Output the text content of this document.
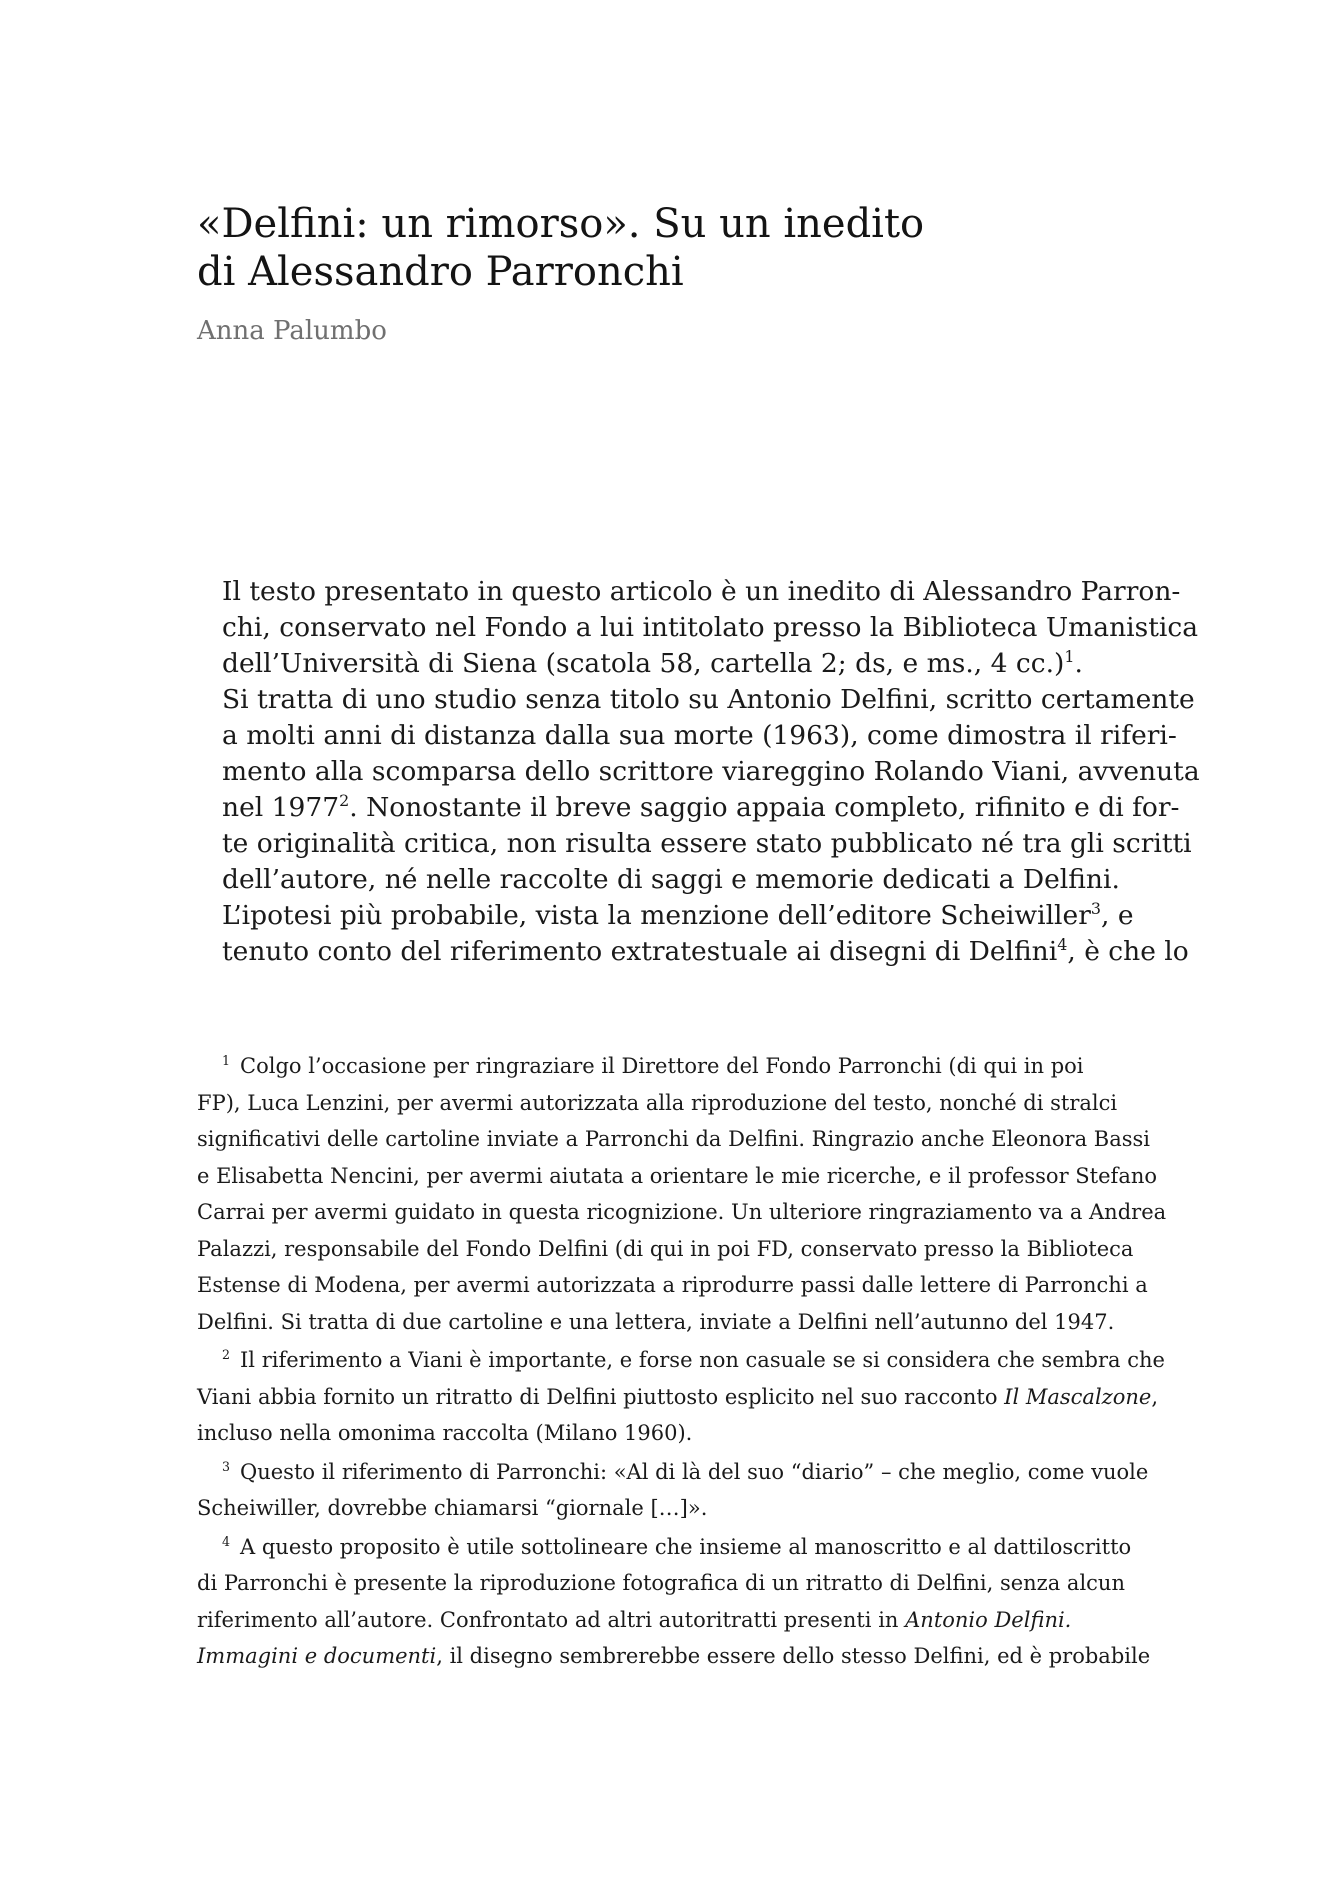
«Delfini: un rimorso». Su un inedito
di Alessandro Parronchi
Anna Palumbo

Il testo presentato in questo articolo è un inedito di Alessandro Parron-
chi, conservato nel Fondo a lui intitolato presso la Biblioteca Umanistica
dell’Università di Siena (scatola 58, cartella 2; ds, e ms., 4 cc.)$^1$.

Si tratta di uno studio senza titolo su Antonio Delfini, scritto certamente
a molti anni di distanza dalla sua morte (1963), come dimostra il riferi-
mento alla scomparsa dello scrittore viareggino Rolando Viani, avvenuta
nel 1977$^2$. Nonostante il breve saggio appaia completo, rifinito e di for-
te originalità critica, non risulta essere stato pubblicato né tra gli scritti
dell’autore, né nelle raccolte di saggi e memorie dedicati a Delfini.

L’ipotesi più probabile, vista la menzione dell’editore Scheiwiller$^3$, e
tenuto conto del riferimento extratestuale ai disegni di Delfini$^4$, è che lo

$^1$ Colgo l’occasione per ringraziare il Direttore del Fondo Parronchi (di qui in poi
FP), Luca Lenzini, per avermi autorizzata alla riproduzione del testo, nonché di stralci
significativi delle cartoline inviate a Parronchi da Delfini. Ringrazio anche Eleonora Bassi
e Elisabetta Nencini, per avermi aiutata a orientare le mie ricerche, e il professor Stefano
Carrai per avermi guidato in questa ricognizione. Un ulteriore ringraziamento va a Andrea
Palazzi, responsabile del Fondo Delfini (di qui in poi FD, conservato presso la Biblioteca
Estense di Modena, per avermi autorizzata a riprodurre passi dalle lettere di Parronchi a
Delfini. Si tratta di due cartoline e una lettera, inviate a Delfini nell’autunno del 1947.
$^2$ Il riferimento a Viani è importante, e forse non casuale se si considera che sembra che
Viani abbia fornito un ritratto di Delfini piuttosto esplicito nel suo racconto Il Mascalzone,
incluso nella omonima raccolta (Milano 1960).
$^3$ Questo il riferimento di Parronchi: «Al di là del suo “diario” – che meglio, come vuole
Scheiwiller, dovrebbe chiamarsi “giornale […]».
$^4$ A questo proposito è utile sottolineare che insieme al manoscritto e al dattiloscritto
di Parronchi è presente la riproduzione fotografica di un ritratto di Delfini, senza alcun
riferimento all’autore. Confrontato ad altri autoritratti presenti in Antonio Delfini.
Immagini e documenti, il disegno sembrerebbe essere dello stesso Delfini, ed è probabile
